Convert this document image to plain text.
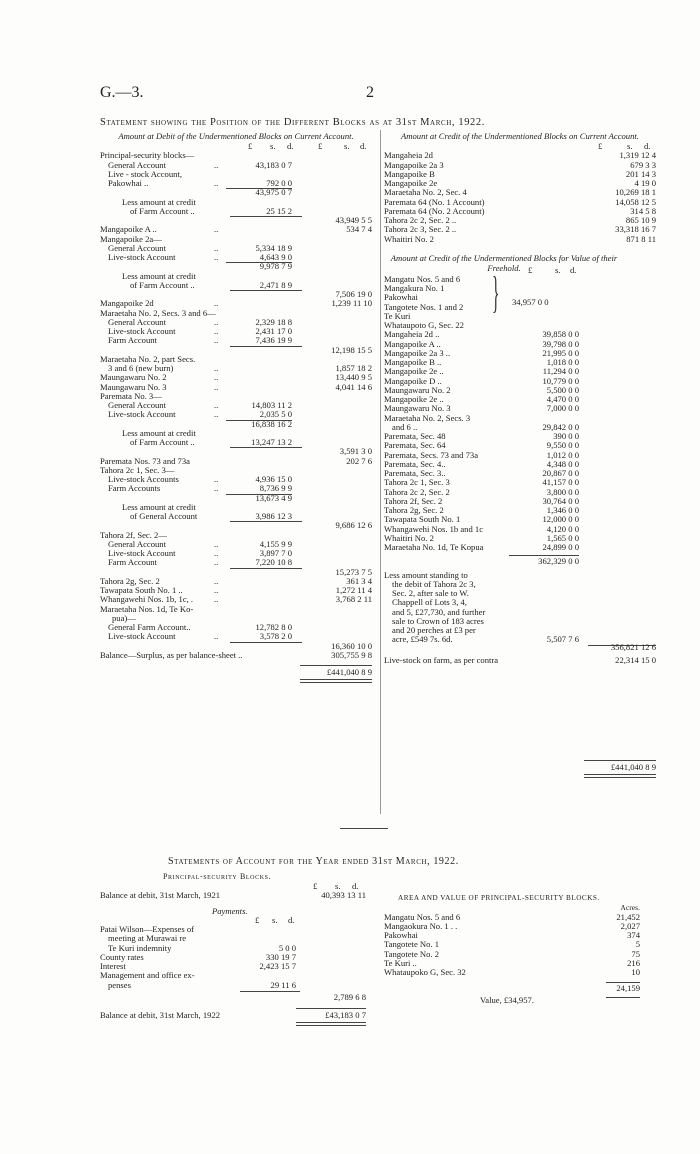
G.—3.	2
Statement showing the Position of the Different Blocks as at 31st March, 1922.
Amount at Debit of the Undermentioned Blocks on Current Account.
£ s. d.	£	s. d.
Principal-security blocks—
General Account	..	43,183 0 7
Live - stock Account,
Pakowhai ..	..	792 0 0
43,975 0 7
Less amount at credit
of Farm Account ..	25 15 2
43,949 5 5
Mangapoike A ..	..	534 7 4
Mangapoike 2a—
General Account	..	5,334 18 9
Live-stock Account	..	4,643 9 0
9,978 7 9
Less amount at credit
of Farm Account ..	2,471 8 9
7,506 19 0
Mangapoike 2d	..	1,239 11 10
Maraetaha No. 2, Secs. 3 and 6—
General Account	..	2,329 18 8
Live-stock Account	..	2,431 17 0
Farm Account	..	7,436 19 9
12,198 15 5
Maraetaha No. 2, part Secs.
3 and 6 (new burn)	..	1,857 18 2
Maungawaru No. 2	..	13,440 9 5
Maungawaru No. 3	..	4,041 14 6
Paremata No. 3—
General Account	..	14,803 11 2
Live-stock Account	..	2,035 5 0
16,838 16 2
Less amount at credit
of Farm Account ..	13,247 13 2
3,591 3 0
Paremata Nos. 73 and 73a	202 7 6
Tahora 2c 1, Sec. 3—
Live-stock Accounts	..	4,936 15 0
Farm Accounts	..	8,736 9 9
13,673 4 9
Less amount at credit
of General Account	3,986 12 3
9,686 12 6
Tahora 2f, Sec. 2—
General Account	..	4,155 9 9
Live-stock Account	..	3,897 7 0
Farm Account	..	7,220 10 8
15,273 7 5
Tahora 2g, Sec. 2	..	361 3 4
Tawapata South No. 1 ..	..	1,272 11 4
Whangawehi Nos. 1b, 1c, . ..	3,768 2 11
Maraetaha Nos. 1d, Te Ko-
pua)—
General Farm Account..	12,782 8 0
Live-stock Account	..	3,578 2 0
16,360 10 0
Balance—Surplus, as per balance-sheet ..	305,755 9 8
£441,040 8 9
Amount at Credit of the Undermentioned Blocks on Current Account.
£	s. d.
Mangaheia 2d	1,319 12 4
Mangapoike 2a 3	679 3 3
Mangapoike B	201 14 3
Mangapoike 2e	4 19 0
Maraetaha No. 2, Sec. 4	10,269 18 1
Paremata 64 (No. 1 Account)	14,058 12 5
Paremata 64 (No. 2 Account)	314 5 8
Tahora 2c 2, Sec. 2 ..	865 10 9
Tahora 2c 3, Sec. 2 ..	33,318 16 7
Whaitiri No. 2	871 8 11
Amount at Credit of the Undermentioned Blocks for Value of their Freehold. £	s. d.
Mangatu Nos. 5 and 6
Mangakura No. 1
Pakowhai
Tangotete Nos. 1 and 2
Te Kuri
Whataupoto G, Sec. 22
} 34,957 0 0
Mangaheia 2d ..	39,858 0 0
Mangapoike A ..	39,798 0 0
Mangapoike 2a 3 ..	21,995 0 0
Mangapoike B ..	1,018 0 0
Mangapoike 2e ..	11,294 0 0
Mangapoike D ..	10,779 0 0
Maungawaru No. 2	5,500 0 0
Mangapoike 2e ..	4,470 0 0
Maungawaru No. 3	7,000 0 0
Maraetaha No. 2, Secs. 3
and 6 ..	29,842 0 0
Paremata, Sec. 48	390 0 0
Paremata, Sec. 64	9,550 0 0
Paremata, Secs. 73 and 73a	1,012 0 0
Paremata, Sec. 4..	4,348 0 0
Paremata, Sec. 3..	20,867 0 0
Tahora 2c 1, Sec. 3	41,157 0 0
Tahora 2c 2, Sec. 2	3,800 0 0
Tahora 2f, Sec. 2	30,764 0 0
Tahora 2g, Sec. 2	1,346 0 0
Tawapata South No. 1	12,000 0 0
Whangawehi Nos. 1b and 1c	4,120 0 0
Whaitiri No. 2	1,565 0 0
Maraetaha No. 1d, Te Kopua	24,899 0 0
362,329 0 0
Less amount standing to
the debit of Tahora 2c 3,
Sec. 2, after sale to W.
Chappell of Lots 3, 4,
and 5, £27,730, and further
sale to Crown of 183 acres
and 20 perches at £3 per
acre, £549 7s. 6d.	5,507 7 6
356,821 12 6
Live-stock on farm, as per contra	22,314 15 0
£441,040 8 9
Statements of Account for the Year ended 31st March, 1922.
Principal-security Blocks.
£ s. d.
Balance at debit, 31st March, 1921	40,393 13 11
Payments.
£ s. d.
Patai Wilson—Expenses of
meeting at Murawai re
Te Kuri indemnity	5 0 0
County rates	330 19 7
Interest	2,423 15 7
Management and office ex-
penses	29 11 6
2,789 6 8
Balance at debit, 31st March, 1922	£43,183 0 7
AREA AND VALUE OF PRINCIPAL-SECURITY BLOCKS.
Acres.
Mangatu Nos. 5 and 6	21,452
Mangaokura No. 1 . .	2,027
Pakowhai	374
Tangotete No. 1	5
Tangotete No. 2	75
Te Kuri ..	216
Whataupoko G, Sec. 32	10
24,159
Value, £34,957.
